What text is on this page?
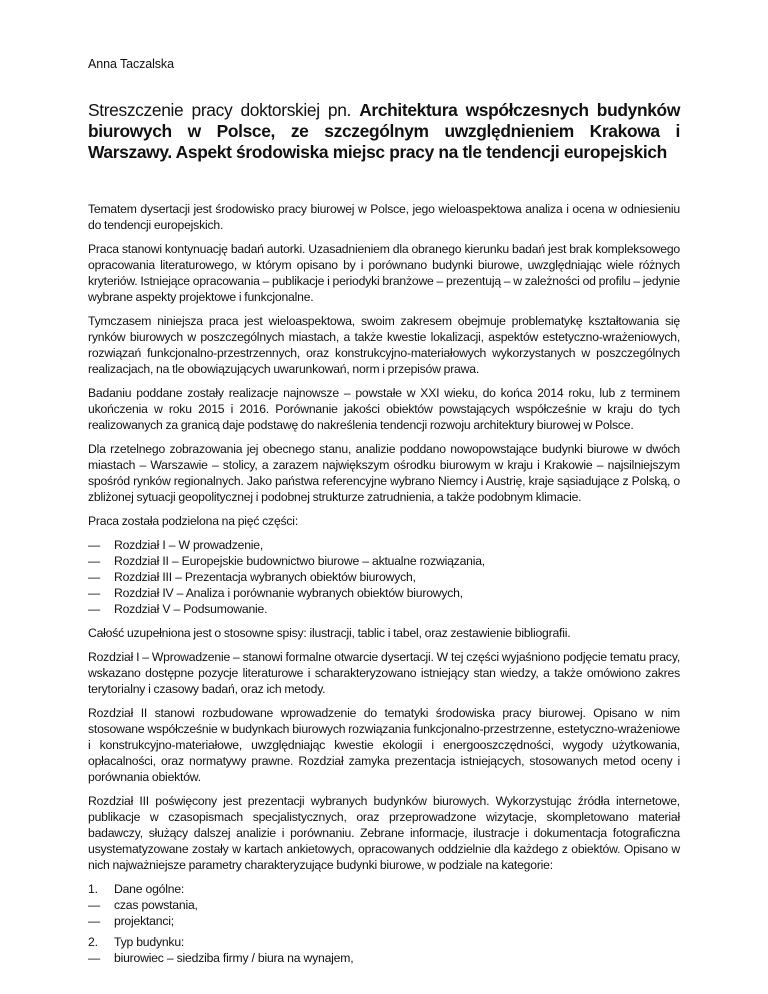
Anna Taczalska
Streszczenie pracy doktorskiej pn. Architektura współczesnych budynków biurowych w Polsce, ze szczególnym uwzględnieniem Krakowa i Warszawy. Aspekt środowiska miejsc pracy na tle tendencji europejskich

Tematem dysertacji jest środowisko pracy biurowej w Polsce, jego wieloaspektowa analiza i ocena w odniesieniu do tendencji europejskich.

Praca stanowi kontynuację badań autorki. Uzasadnieniem dla obranego kierunku badań jest brak kompleksowego opracowania literaturowego, w którym opisano by i porównano budynki biurowe, uwzględniając wiele różnych kryteriów. Istniejące opracowania – publikacje i periodyki branżowe – prezentują – w zależności od profilu – jedynie wybrane aspekty projektowe i funkcjonalne.

Tymczasem niniejsza praca jest wieloaspektowa, swoim zakresem obejmuje problematykę kształtowania się rynków biurowych w poszczególnych miastach, a także kwestie lokalizacji, aspektów estetyczno-wrażeniowych, rozwiązań funkcjonalno-przestrzennych, oraz konstrukcyjno-materiałowych wykorzystanych w poszczególnych realizacjach, na tle obowiązujących uwarunkowań, norm i przepisów prawa.

Badaniu poddane zostały realizacje najnowsze – powstałe w XXI wieku, do końca 2014 roku, lub z terminem ukończenia w roku 2015 i 2016. Porównanie jakości obiektów powstających współcześnie w kraju do tych realizowanych za granicą daje podstawę do nakreślenia tendencji rozwoju architektury biurowej w Polsce.

Dla rzetelnego zobrazowania jej obecnego stanu, analizie poddano nowopowstające budynki biurowe w dwóch miastach – Warszawie – stolicy, a zarazem największym ośrodku biurowym w kraju i Krakowie – najsilniejszym spośród rynków regionalnych. Jako państwa referencyjne wybrano Niemcy i Austrię, kraje sąsiadujące z Polską, o zbliżonej sytuacji geopolitycznej i podobnej strukturze zatrudnienia, a także podobnym klimacie.

Praca została podzielona na pięć części:

— Rozdział I – W prowadzenie,
— Rozdział II – Europejskie budownictwo biurowe – aktualne rozwiązania,
— Rozdział III – Prezentacja wybranych obiektów biurowych,
— Rozdział IV – Analiza i porównanie wybranych obiektów biurowych,
— Rozdział V – Podsumowanie.

Całość uzupełniona jest o stosowne spisy: ilustracji, tablic i tabel, oraz zestawienie bibliografii.

Rozdział I – Wprowadzenie – stanowi formalne otwarcie dysertacji. W tej części wyjaśniono podjęcie tematu pracy, wskazano dostępne pozycje literaturowe i scharakteryzowano istniejący stan wiedzy, a także omówiono zakres terytorialny i czasowy badań, oraz ich metody.

Rozdział II stanowi rozbudowane wprowadzenie do tematyki środowiska pracy biurowej. Opisano w nim stosowane współcześnie w budynkach biurowych rozwiązania funkcjonalno-przestrzenne, estetyczno-wrażeniowe i konstrukcyjno-materiałowe, uwzględniając kwestie ekologii i energooszczędności, wygody użytkowania, opłacalności, oraz normatywy prawne. Rozdział zamyka prezentacja istniejących, stosowanych metod oceny i porównania obiektów.

Rozdział III poświęcony jest prezentacji wybranych budynków biurowych. Wykorzystując źródła internetowe, publikacje w czasopismach specjalistycznych, oraz przeprowadzone wizytacje, skompletowano materiał badawczy, służący dalszej analizie i porównaniu. Zebrane informacje, ilustracje i dokumentacja fotograficzna usystematyzowane zostały w kartach ankietowych, opracowanych oddzielnie dla każdego z obiektów. Opisano w nich najważniejsze parametry charakteryzujące budynki biurowe, w podziale na kategorie:

1. Dane ogólne:
— czas powstania,
— projektanci;
2. Typ budynku:
— biurowiec – siedziba firmy / biura na wynajem,
